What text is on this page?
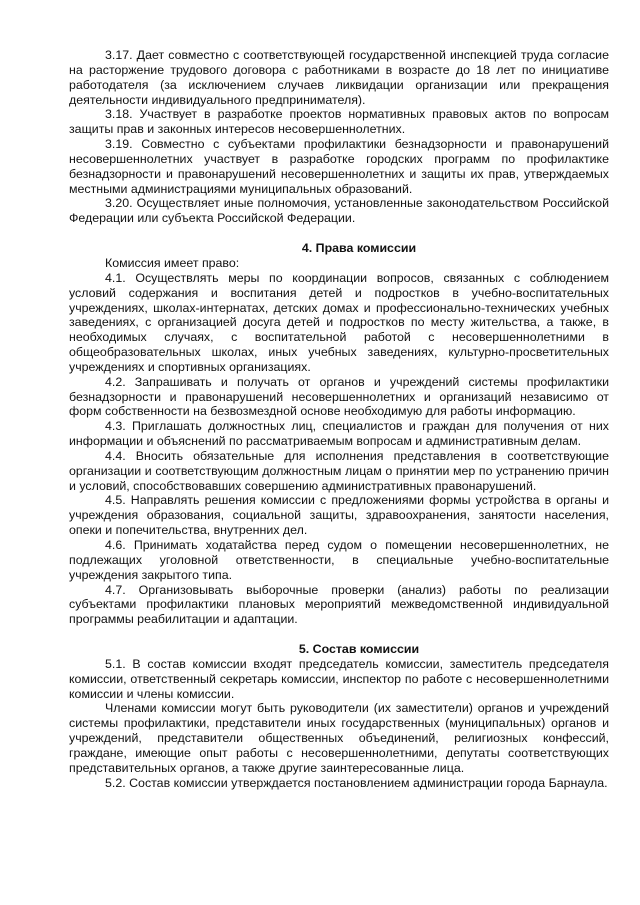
3.17. Дает совместно с соответствующей государственной инспекцией труда согласие на расторжение трудового договора с работниками в возрасте до 18 лет по инициативе работодателя (за исключением случаев ликвидации организации или прекращения деятельности индивидуального предпринимателя).

3.18. Участвует в разработке проектов нормативных правовых актов по вопросам защиты прав и законных интересов несовершеннолетних.

3.19. Совместно с субъектами профилактики безнадзорности и правонарушений несовершеннолетних участвует в разработке городских программ по профилактике безнадзорности и правонарушений несовершеннолетних и защиты их прав, утверждаемых местными администрациями муниципальных образований.

3.20. Осуществляет иные полномочия, установленные законодательством Российской Федерации или субъекта Российской Федерации.

4. Права комиссии

Комиссия имеет право:

4.1. Осуществлять меры по координации вопросов, связанных с соблюдением условий содержания и воспитания детей и подростков в учебно-воспитательных учреждениях, школах-интернатах, детских домах и профессионально-технических учебных заведениях, с организацией досуга детей и подростков по месту жительства, а также, в необходимых случаях, с воспитательной работой с несовершеннолетними в общеобразовательных школах, иных учебных заведениях, культурно-просветительных учреждениях и спортивных организациях.

4.2. Запрашивать и получать от органов и учреждений системы профилактики безнадзорности и правонарушений несовершеннолетних и организаций независимо от форм собственности на безвозмездной основе необходимую для работы информацию.

4.3. Приглашать должностных лиц, специалистов и граждан для получения от них информации и объяснений по рассматриваемым вопросам и административным делам.

4.4. Вносить обязательные для исполнения представления в соответствующие организации и соответствующим должностным лицам о принятии мер по устранению причин и условий, способствовавших совершению административных правонарушений.

4.5. Направлять решения комиссии с предложениями формы устройства в органы и учреждения образования, социальной защиты, здравоохранения, занятости населения, опеки и попечительства, внутренних дел.

4.6. Принимать ходатайства перед судом о помещении несовершеннолетних, не подлежащих уголовной ответственности, в специальные учебно-воспитательные учреждения закрытого типа.

4.7. Организовывать выборочные проверки (анализ) работы по реализации субъектами профилактики плановых мероприятий межведомственной индивидуальной программы реабилитации и адаптации.

5. Состав комиссии

5.1. В состав комиссии входят председатель комиссии, заместитель председателя комиссии, ответственный секретарь комиссии, инспектор по работе с несовершеннолетними комиссии и члены комиссии.

Членами комиссии могут быть руководители (их заместители) органов и учреждений системы профилактики, представители иных государственных (муниципальных) органов и учреждений, представители общественных объединений, религиозных конфессий, граждане, имеющие опыт работы с несовершеннолетними, депутаты соответствующих представительных органов, а также другие заинтересованные лица.

5.2. Состав комиссии утверждается постановлением администрации города Барнаула.
